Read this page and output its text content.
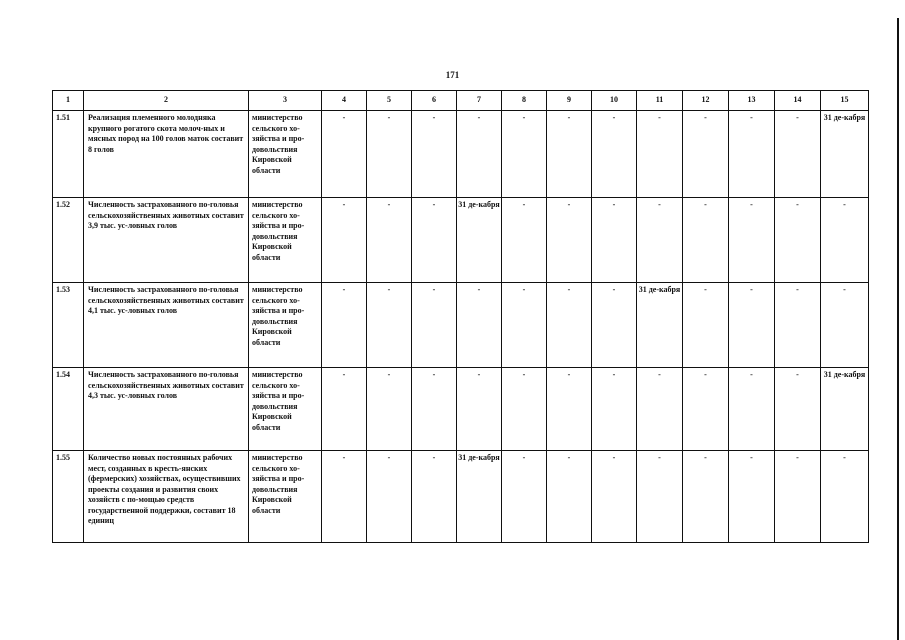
171
1	2	3	4	5	6	7	8	9	10	11	12	13	14	15
1.51	Реализация племенного молодняка крупного рогатого скота молоч-ных и мясных пород на 100 голов маток составит 8 голов	министерство сельского хо-зяйства и про-довольствия Кировской области	-	-	-	-	-	-	-	-	-	-	-	31 де-кабря
1.52	Численность застрахованного по-головья сельскохозяйственных животных составит 3,9 тыс. ус-ловных голов	министерство сельского хо-зяйства и про-довольствия Кировской области	-	-	-	31 де-кабря	-	-	-	-	-	-	-	-
1.53	Численность застрахованного по-головья сельскохозяйственных животных составит 4,1 тыс. ус-ловных голов	министерство сельского хо-зяйства и про-довольствия Кировской области	-	-	-	-	-	-	-	31 де-кабря	-	-	-	-
1.54	Численность застрахованного по-головья сельскохозяйственных животных составит 4,3 тыс. ус-ловных голов	министерство сельского хо-зяйства и про-довольствия Кировской области	-	-	-	-	-	-	-	-	-	-	-	31 де-кабря
1.55	Количество новых постоянных рабочих мест, созданных в кресть-янских (фермерских) хозяйствах, осуществивших проекты создания и развития своих хозяйств с по-мощью средств государственной поддержки, составит 18 единиц	министерство сельского хо-зяйства и про-довольствия Кировской области	-	-	-	31 де-кабря	-	-	-	-	-	-	-	-
